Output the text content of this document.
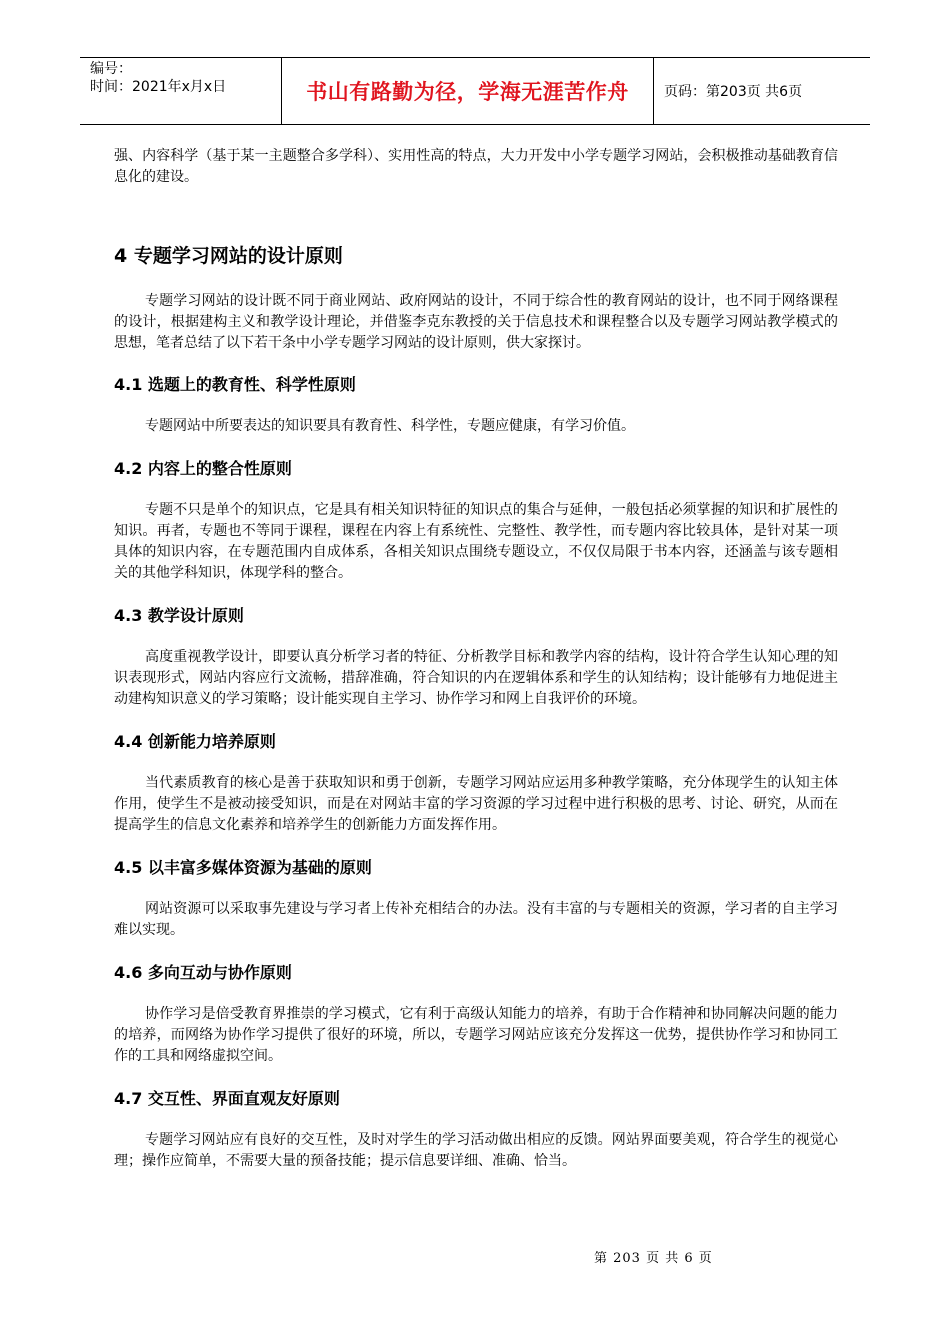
编号：
时间：2021年x月x日	书山有路勤为径，学海无涯苦作舟	页码：第203页 共6页

强、内容科学（基于某一主题整合多学科）、实用性高的特点，大力开发中小学专题学习网站，会积极推动基础教育信息化的建设。

4 专题学习网站的设计原则

专题学习网站的设计既不同于商业网站、政府网站的设计，不同于综合性的教育网站的设计，也不同于网络课程的设计，根据建构主义和教学设计理论，并借鉴李克东教授的关于信息技术和课程整合以及专题学习网站教学模式的思想，笔者总结了以下若干条中小学专题学习网站的设计原则，供大家探讨。

4.1 选题上的教育性、科学性原则

专题网站中所要表达的知识要具有教育性、科学性，专题应健康，有学习价值。

4.2 内容上的整合性原则

专题不只是单个的知识点，它是具有相关知识特征的知识点的集合与延伸，一般包括必须掌握的知识和扩展性的知识。再者，专题也不等同于课程，课程在内容上有系统性、完整性、教学性，而专题内容比较具体，是针对某一项具体的知识内容，在专题范围内自成体系，各相关知识点围绕专题设立，不仅仅局限于书本内容，还涵盖与该专题相关的其他学科知识，体现学科的整合。

4.3 教学设计原则

高度重视教学设计，即要认真分析学习者的特征、分析教学目标和教学内容的结构，设计符合学生认知心理的知识表现形式，网站内容应行文流畅，措辞准确，符合知识的内在逻辑体系和学生的认知结构；设计能够有力地促进主动建构知识意义的学习策略；设计能实现自主学习、协作学习和网上自我评价的环境。

4.4 创新能力培养原则

当代素质教育的核心是善于获取知识和勇于创新，专题学习网站应运用多种教学策略，充分体现学生的认知主体作用，使学生不是被动接受知识，而是在对网站丰富的学习资源的学习过程中进行积极的思考、讨论、研究，从而在提高学生的信息文化素养和培养学生的创新能力方面发挥作用。

4.5 以丰富多媒体资源为基础的原则

网站资源可以采取事先建设与学习者上传补充相结合的办法。没有丰富的与专题相关的资源，学习者的自主学习难以实现。

4.6 多向互动与协作原则

协作学习是倍受教育界推崇的学习模式，它有利于高级认知能力的培养，有助于合作精神和协同解决问题的能力的培养，而网络为协作学习提供了很好的环境，所以，专题学习网站应该充分发挥这一优势，提供协作学习和协同工作的工具和网络虚拟空间。

4.7 交互性、界面直观友好原则

专题学习网站应有良好的交互性，及时对学生的学习活动做出相应的反馈。网站界面要美观，符合学生的视觉心理；操作应简单，不需要大量的预备技能；提示信息要详细、准确、恰当。

第 203 页 共 6 页
